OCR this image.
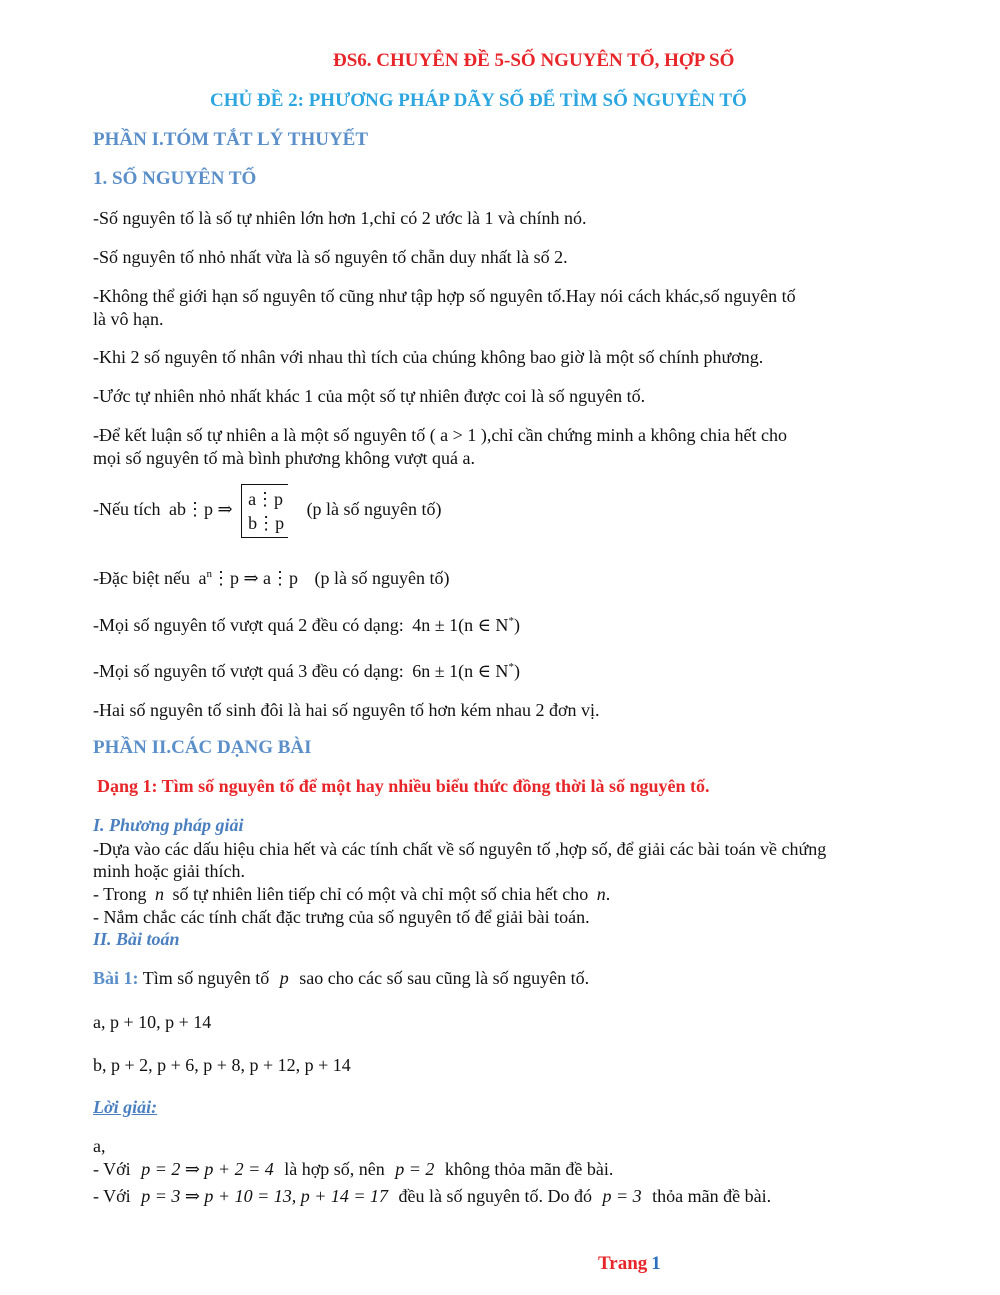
ĐS6. CHUYÊN ĐỀ 5-SỐ NGUYÊN TỐ, HỢP SỐ
CHỦ ĐỀ 2: PHƯƠNG PHÁP DÃY SỐ ĐỂ TÌM SỐ NGUYÊN TỐ
PHẦN I.TÓM TẮT LÝ THUYẾT
1. SỐ NGUYÊN TỐ
-Số nguyên tố là số tự nhiên lớn hơn 1,chỉ có 2 ước là 1 và chính nó.
-Số nguyên tố nhỏ nhất vừa là số nguyên tố chẵn duy nhất là số 2.
-Không thể giới hạn số nguyên tố cũng như tập hợp số nguyên tố.Hay nói cách khác,số nguyên tố
là vô hạn.
-Khi 2 số nguyên tố nhân với nhau thì tích của chúng không bao giờ là một số chính phương.
-Ước tự nhiên nhỏ nhất khác 1 của một số tự nhiên được coi là số nguyên tố.
-Để kết luận số tự nhiên a là một số nguyên tố ( a > 1 ),chỉ cần chứng minh a không chia hết cho
mọi số nguyên tố mà bình phương không vượt quá a.
-Nếu tích ab⋮p ⇒
a⋮p
b⋮p
(p là số nguyên tố)
-Đặc biệt nếu $a^n⋮p$ ⇒ a⋮p (p là số nguyên tố)
-Mọi số nguyên tố vượt quá 2 đều có dạng: 4n ± 1(n ∈ N*)
-Mọi số nguyên tố vượt quá 3 đều có dạng: 6n ± 1(n ∈ N*)
-Hai số nguyên tố sinh đôi là hai số nguyên tố hơn kém nhau 2 đơn vị.
PHẦN II.CÁC DẠNG BÀI
Dạng 1: Tìm số nguyên tố để một hay nhiều biểu thức đồng thời là số nguyên tố.
I. Phương pháp giải
-Dựa vào các dấu hiệu chia hết và các tính chất về số nguyên tố ,hợp số, để giải các bài toán về chứng
minh hoặc giải thích.
- Trong n số tự nhiên liên tiếp chỉ có một và chỉ một số chia hết cho n.
- Nắm chắc các tính chất đặc trưng của số nguyên tố để giải bài toán.
II. Bài toán
Bài 1: Tìm số nguyên tố p sao cho các số sau cũng là số nguyên tố.
a, p + 10, p + 14
b, p + 2, p + 6, p + 8, p + 12, p + 14
Lời giải:
a,
- Với p = 2 ⇒ p + 2 = 4 là hợp số, nên p = 2 không thỏa mãn đề bài.
- Với p = 3 ⇒ p + 10 = 13, p + 14 = 17 đều là số nguyên tố. Do đó p = 3 thỏa mãn đề bài.
Trang 1
